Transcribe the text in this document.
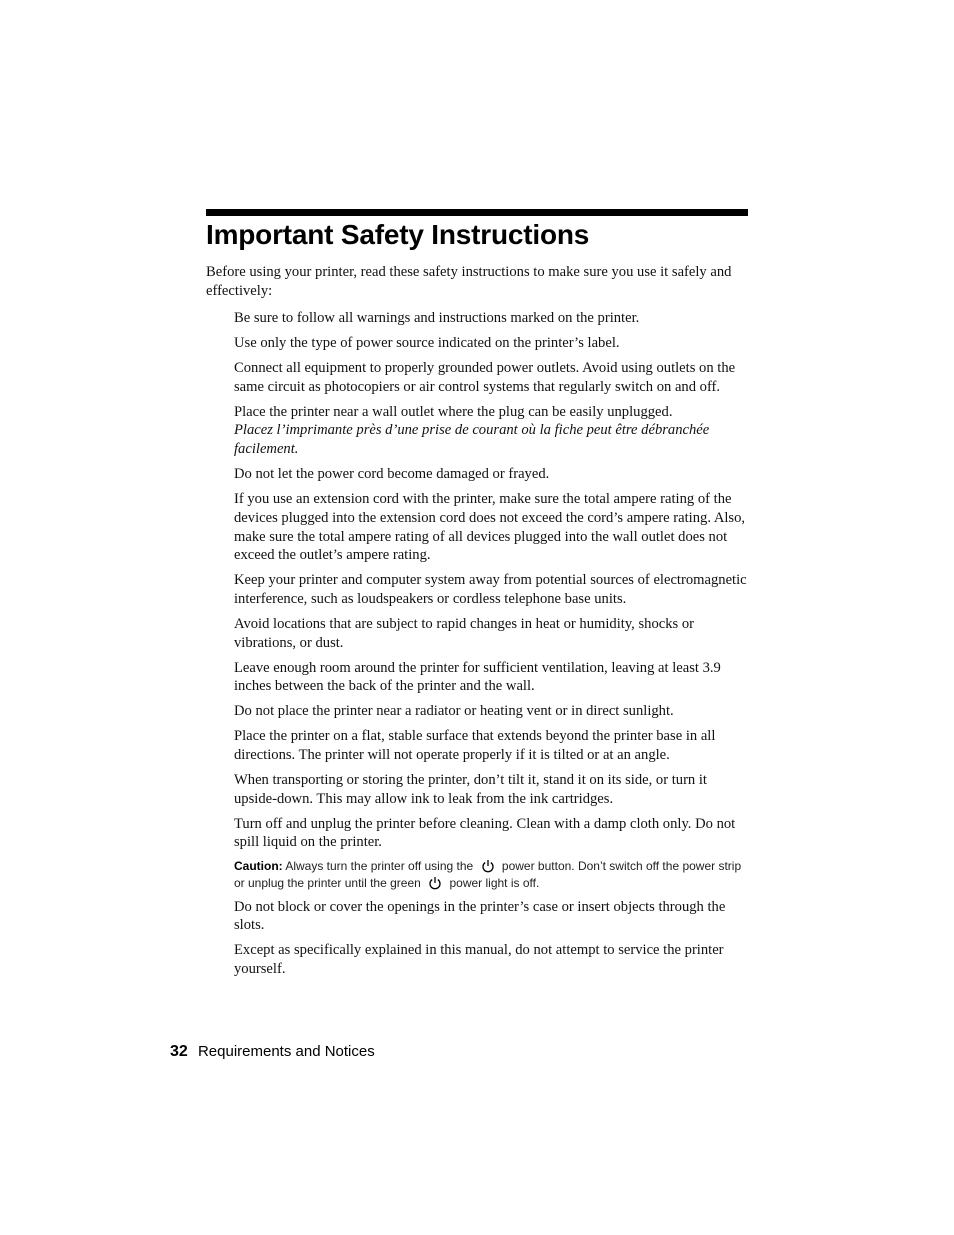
Important Safety Instructions

Before using your printer, read these safety instructions to make sure you use it safely and effectively:

Be sure to follow all warnings and instructions marked on the printer.

Use only the type of power source indicated on the printer’s label.

Connect all equipment to properly grounded power outlets. Avoid using outlets on the same circuit as photocopiers or air control systems that regularly switch on and off.

Place the printer near a wall outlet where the plug can be easily unplugged.

Placez l’imprimante près d’une prise de courant où la fiche peut être débranchée facilement.

Do not let the power cord become damaged or frayed.

If you use an extension cord with the printer, make sure the total ampere rating of the devices plugged into the extension cord does not exceed the cord’s ampere rating. Also, make sure the total ampere rating of all devices plugged into the wall outlet does not exceed the outlet’s ampere rating.

Keep your printer and computer system away from potential sources of electromagnetic interference, such as loudspeakers or cordless telephone base units.

Avoid locations that are subject to rapid changes in heat or humidity, shocks or vibrations, or dust.

Leave enough room around the printer for sufficient ventilation, leaving at least 3.9 inches between the back of the printer and the wall.

Do not place the printer near a radiator or heating vent or in direct sunlight.

Place the printer on a flat, stable surface that extends beyond the printer base in all directions. The printer will not operate properly if it is tilted or at an angle.

When transporting or storing the printer, don’t tilt it, stand it on its side, or turn it upside-down. This may allow ink to leak from the ink cartridges.

Turn off and unplug the printer before cleaning. Clean with a damp cloth only. Do not spill liquid on the printer.

Caution: Always turn the printer off using the power button. Don’t switch off the power strip or unplug the printer until the green power light is off.

Do not block or cover the openings in the printer’s case or insert objects through the slots.

Except as specifically explained in this manual, do not attempt to service the printer yourself.

32 Requirements and Notices
